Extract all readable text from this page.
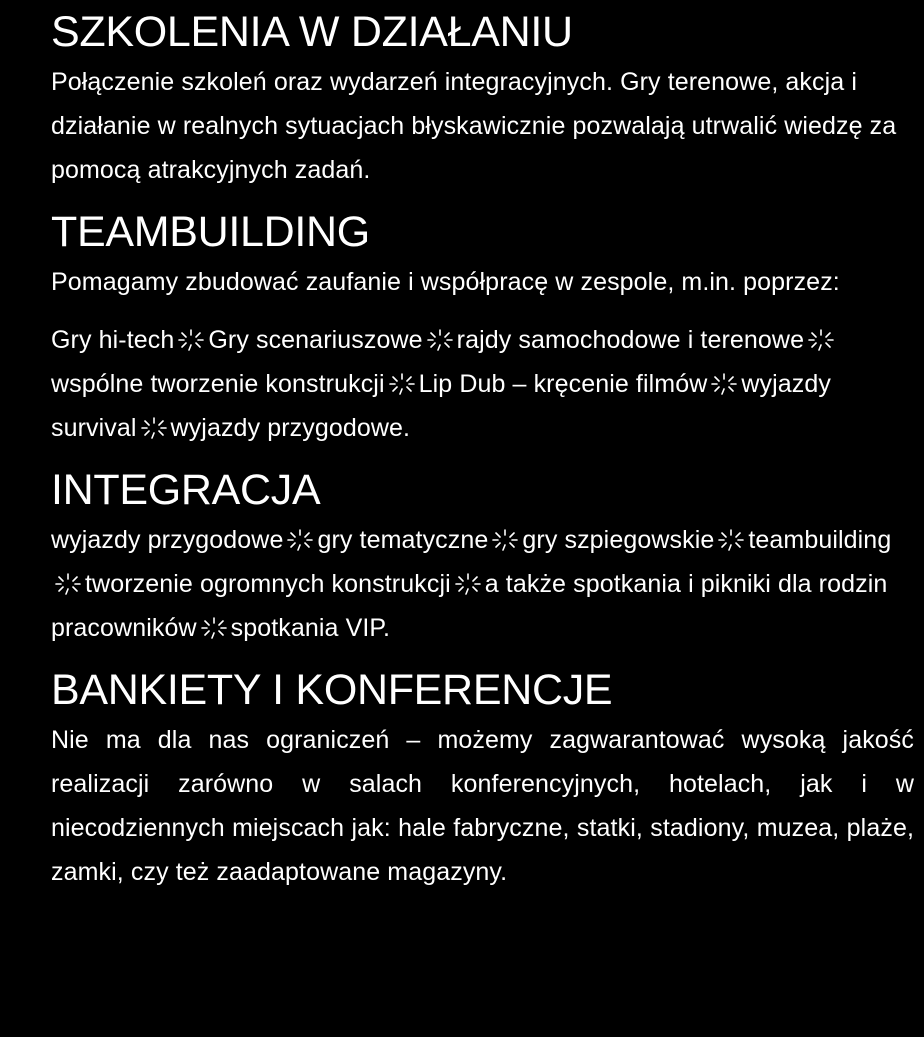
SZKOLENIA W DZIAŁANIU

Połączenie szkoleń oraz wydarzeń integracyjnych. Gry terenowe, akcja i działanie w realnych sytuacjach błyskawicznie pozwalają utrwalić wiedzę za pomocą atrakcyjnych zadań.

TEAMBUILDING

Pomagamy zbudować zaufanie i współpracę w zespole, m.in. poprzez:

Gry hi-tech Gry scenariuszowe rajdy samochodowe i terenowe
wspólne tworzenie konstrukcji Lip Dub – kręcenie filmów wyjazdy survival wyjazdy przygodowe.

INTEGRACJA

wyjazdy przygodowe gry tematyczne gry szpiegowskie teambuilding
tworzenie ogromnych konstrukcji a także spotkania i pikniki dla rodzin pracowników spotkania VIP.

BANKIETY I KONFERENCJE

Nie ma dla nas ograniczeń – możemy zagwarantować wysoką jakość realizacji zarówno w salach konferencyjnych, hotelach, jak i w niecodziennych miejscach jak: hale fabryczne, statki, stadiony, muzea, plaże, zamki, czy też zaadaptowane magazyny.
